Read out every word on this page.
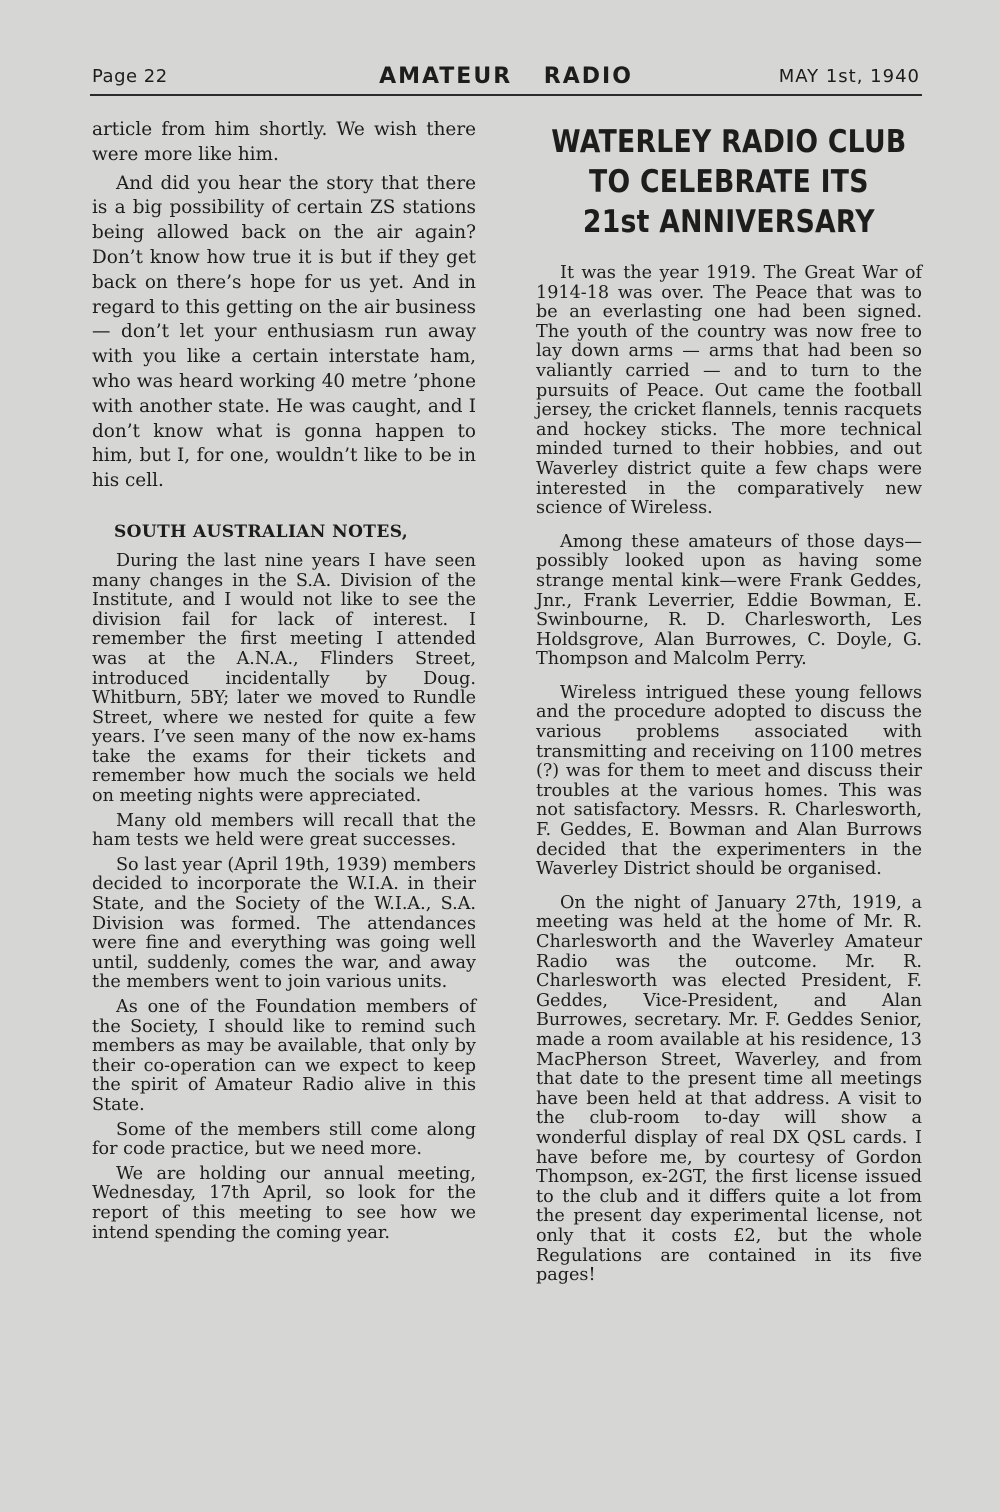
Page 22	AMATEUR RADIO	MAY 1st, 1940

article from him shortly. We wish there were more like him.

And did you hear the story that there is a big possibility of certain ZS stations being allowed back on the air again? Don’t know how true it is but if they get back on there’s hope for us yet. And in regard to this getting on the air business — don’t let your enthusiasm run away with you like a certain interstate ham, who was heard working 40 metre ’phone with another state. He was caught, and I don’t know what is gonna happen to him, but I, for one, wouldn’t like to be in his cell.

SOUTH AUSTRALIAN NOTES,

During the last nine years I have seen many changes in the S.A. Division of the Institute, and I would not like to see the division fail for lack of interest. I remember the first meeting I attended was at the A.N.A., Flinders Street, introduced incidentally by Doug. Whitburn, 5BY; later we moved to Rundle Street, where we nested for quite a few years. I’ve seen many of the now ex-hams take the exams for their tickets and remember how much the socials we held on meeting nights were appreciated.

Many old members will recall that the ham tests we held were great successes.

So last year (April 19th, 1939) members decided to incorporate the W.I.A. in their State, and the Society of the W.I.A., S.A. Division was formed. The attendances were fine and everything was going well until, suddenly, comes the war, and away the members went to join various units.

As one of the Foundation members of the Society, I should like to remind such members as may be available, that only by their co-operation can we expect to keep the spirit of Amateur Radio alive in this State.

Some of the members still come along for code practice, but we need more.

We are holding our annual meeting, Wednesday, 17th April, so look for the report of this meeting to see how we intend spending the coming year.

WATERLEY RADIO CLUB
TO CELEBRATE ITS
21st ANNIVERSARY

It was the year 1919. The Great War of 1914-18 was over. The Peace that was to be an everlasting one had been signed. The youth of the country was now free to lay down arms — arms that had been so valiantly carried — and to turn to the pursuits of Peace. Out came the football jersey, the cricket flannels, tennis racquets and hockey sticks. The more technical minded turned to their hobbies, and out Waverley district quite a few chaps were interested in the comparatively new science of Wireless.

Among these amateurs of those days—possibly looked upon as having some strange mental kink—were Frank Geddes, Jnr., Frank Leverrier, Eddie Bowman, E. Swinbourne, R. D. Charlesworth, Les Holdsgrove, Alan Burrowes, C. Doyle, G. Thompson and Malcolm Perry.

Wireless intrigued these young fellows and the procedure adopted to discuss the various problems associated with transmitting and receiving on 1100 metres (?) was for them to meet and discuss their troubles at the various homes. This was not satisfactory. Messrs. R. Charlesworth, F. Geddes, E. Bowman and Alan Burrows decided that the experimenters in the Waverley District should be organised.

On the night of January 27th, 1919, a meeting was held at the home of Mr. R. Charlesworth and the Waverley Amateur Radio was the outcome. Mr. R. Charlesworth was elected President, F. Geddes, Vice-President, and Alan Burrowes, secretary. Mr. F. Geddes Senior, made a room available at his residence, 13 MacPherson Street, Waverley, and from that date to the present time all meetings have been held at that address. A visit to the club-room to-day will show a wonderful display of real DX QSL cards. I have before me, by courtesy of Gordon Thompson, ex-2GT, the first license issued to the club and it differs quite a lot from the present day experimental license, not only that it costs £2, but the whole Regulations are contained in its five pages!
